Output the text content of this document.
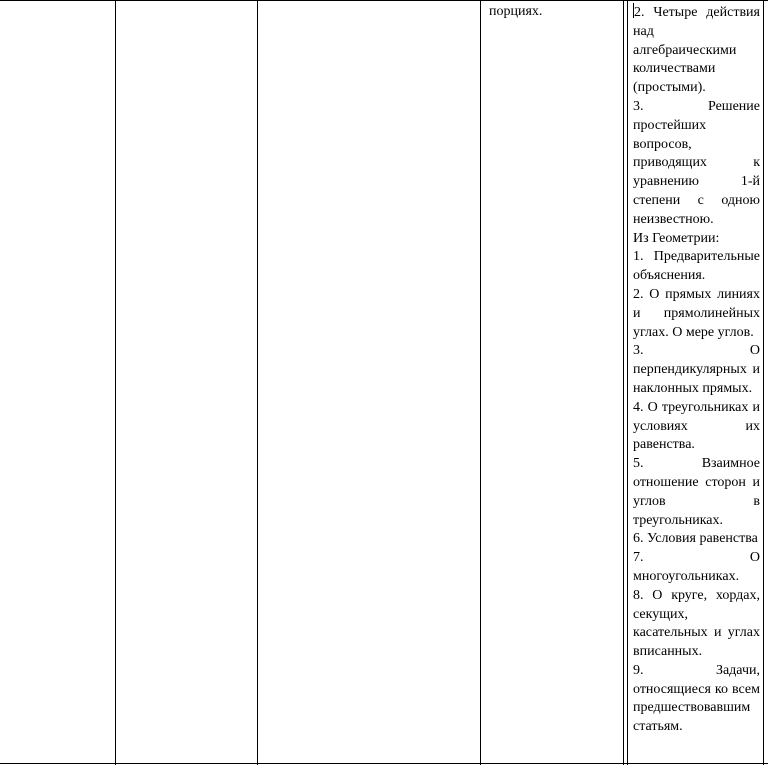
порциях.	2. Четыре действия над алгебраическими количествами (простыми).

3. Решение простейших вопросов, приводящих к уравнению 1-й степени с одною неизвестною.

Из Геометрии:

1. Предварительные объяснения.

2. О прямых линиях и прямолинейных углах. О мере углов.

3. О перпендикулярных и наклонных прямых.

4. О треугольниках и условиях их равенства.

5. Взаимное отношение сторон и углов в треугольниках.

6. Условия равенства

7. О многоугольниках.

8. О круге, хордах, секущих, касательных и углах вписанных.

9. Задачи, относящиеся ко всем предшествовавшим статьям.
